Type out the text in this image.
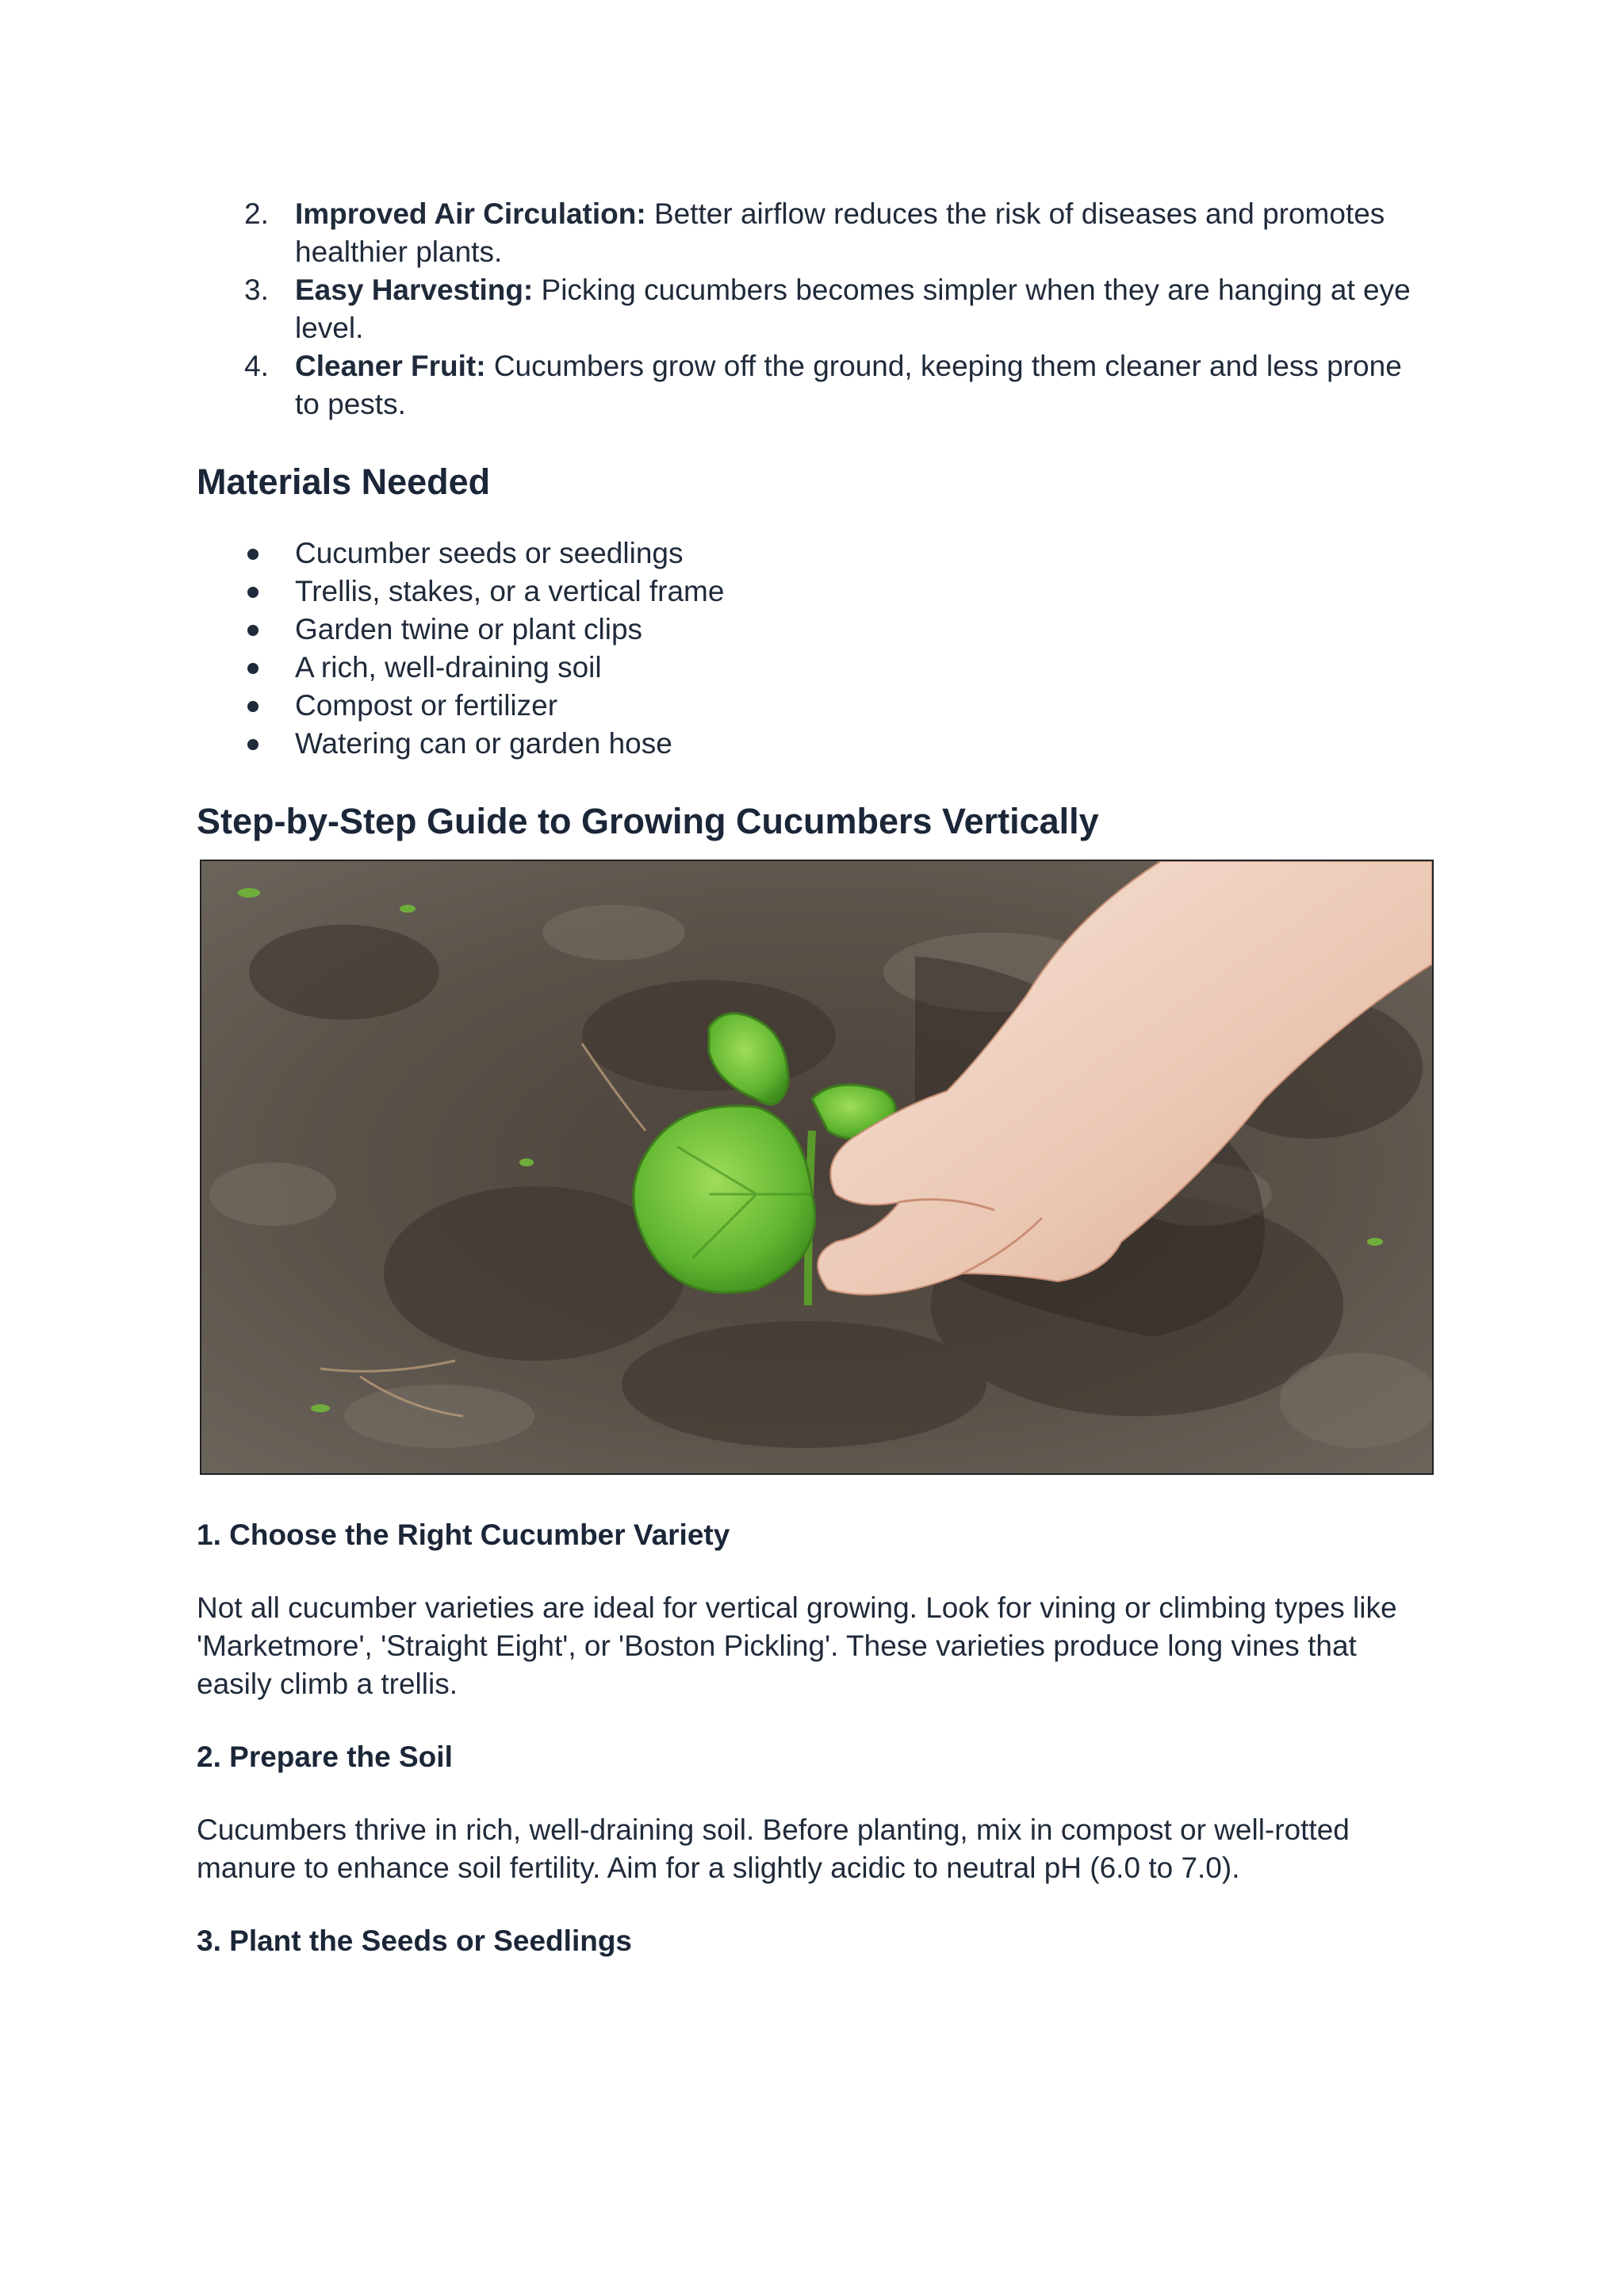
2. Improved Air Circulation: Better airflow reduces the risk of diseases and promotes healthier plants.
3. Easy Harvesting: Picking cucumbers becomes simpler when they are hanging at eye level.
4. Cleaner Fruit: Cucumbers grow off the ground, keeping them cleaner and less prone to pests.
Materials Needed
Cucumber seeds or seedlings
Trellis, stakes, or a vertical frame
Garden twine or plant clips
A rich, well-draining soil
Compost or fertilizer
Watering can or garden hose
Step-by-Step Guide to Growing Cucumbers Vertically
1. Choose the Right Cucumber Variety

Not all cucumber varieties are ideal for vertical growing. Look for vining or climbing types like 'Marketmore', 'Straight Eight', or 'Boston Pickling'. These varieties produce long vines that easily climb a trellis.

2. Prepare the Soil

Cucumbers thrive in rich, well-draining soil. Before planting, mix in compost or well-rotted manure to enhance soil fertility. Aim for a slightly acidic to neutral pH (6.0 to 7.0).

3. Plant the Seeds or Seedlings
